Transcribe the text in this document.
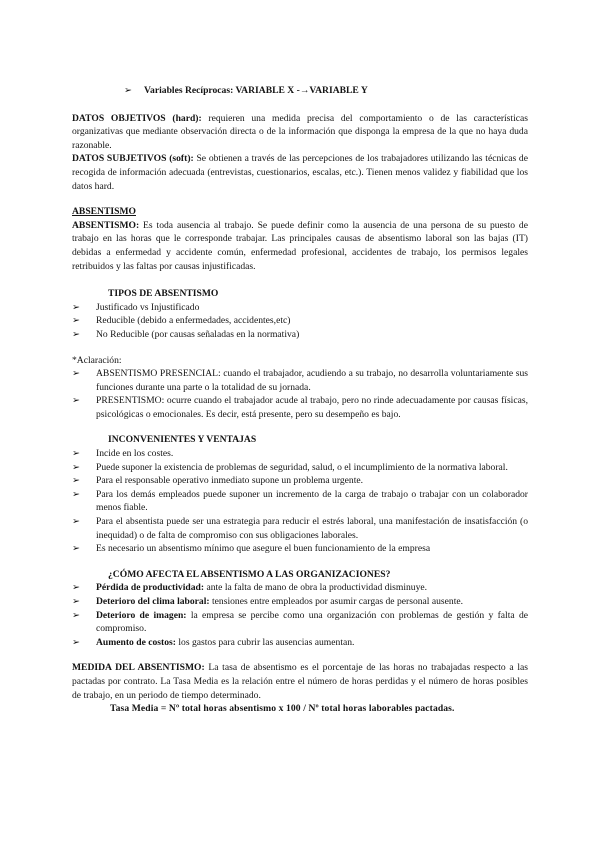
➢	Variables Recíprocas: VARIABLE X -→VARIABLE Y

DATOS OBJETIVOS (hard): requieren una medida precisa del comportamiento o de las características organizativas que mediante observación directa o de la información que disponga la empresa de la que no haya duda razonable.

DATOS SUBJETIVOS (soft): Se obtienen a través de las percepciones de los trabajadores utilizando las técnicas de recogida de información adecuada (entrevistas, cuestionarios, escalas, etc.). Tienen menos validez y fiabilidad que los datos hard.

ABSENTISMO

ABSENTISMO: Es toda ausencia al trabajo. Se puede definir como la ausencia de una persona de su puesto de trabajo en las horas que le corresponde trabajar. Las principales causas de absentismo laboral son las bajas (IT) debidas a enfermedad y accidente común, enfermedad profesional, accidentes de trabajo, los permisos legales retribuidos y las faltas por causas injustificadas.

TIPOS DE ABSENTISMO
➢	Justificado vs Injustificado
➢	Reducible (debido a enfermedades, accidentes,etc)
➢	No Reducible (por causas señaladas en la normativa)

*Aclaración:

➢	ABSENTISMO PRESENCIAL: cuando el trabajador, acudiendo a su trabajo, no desarrolla voluntariamente sus funciones durante una parte o la totalidad de su jornada.
➢	PRESENTISMO: ocurre cuando el trabajador acude al trabajo, pero no rinde adecuadamente por causas físicas, psicológicas o emocionales. Es decir, está presente, pero su desempeño es bajo.
INCONVENIENTES Y VENTAJAS
➢	Incide en los costes.
➢	Puede suponer la existencia de problemas de seguridad, salud, o el incumplimiento de la normativa laboral.
➢	Para el responsable operativo inmediato supone un problema urgente.
➢	Para los demás empleados puede suponer un incremento de la carga de trabajo o trabajar con un colaborador menos fiable.
➢	Para el absentista puede ser una estrategia para reducir el estrés laboral, una manifestación de insatisfacción (o inequidad) o de falta de compromiso con sus obligaciones laborales.
➢	Es necesario un absentismo mínimo que asegure el buen funcionamiento de la empresa
¿CÓMO AFECTA EL ABSENTISMO A LAS ORGANIZACIONES?
➢	Pérdida de productividad: ante la falta de mano de obra la productividad disminuye.
➢	Deterioro del clima laboral: tensiones entre empleados por asumir cargas de personal ausente.
➢	Deterioro de imagen: la empresa se percibe como una organización con problemas de gestión y falta de compromiso.
➢	Aumento de costos: los gastos para cubrir las ausencias aumentan.

MEDIDA DEL ABSENTISMO: La tasa de absentismo es el porcentaje de las horas no trabajadas respecto a las pactadas por contrato. La Tasa Media es la relación entre el número de horas perdidas y el número de horas posibles de trabajo, en un periodo de tiempo determinado.

Tasa Media = Nº total horas absentismo x 100 / Nº total horas laborables pactadas.
